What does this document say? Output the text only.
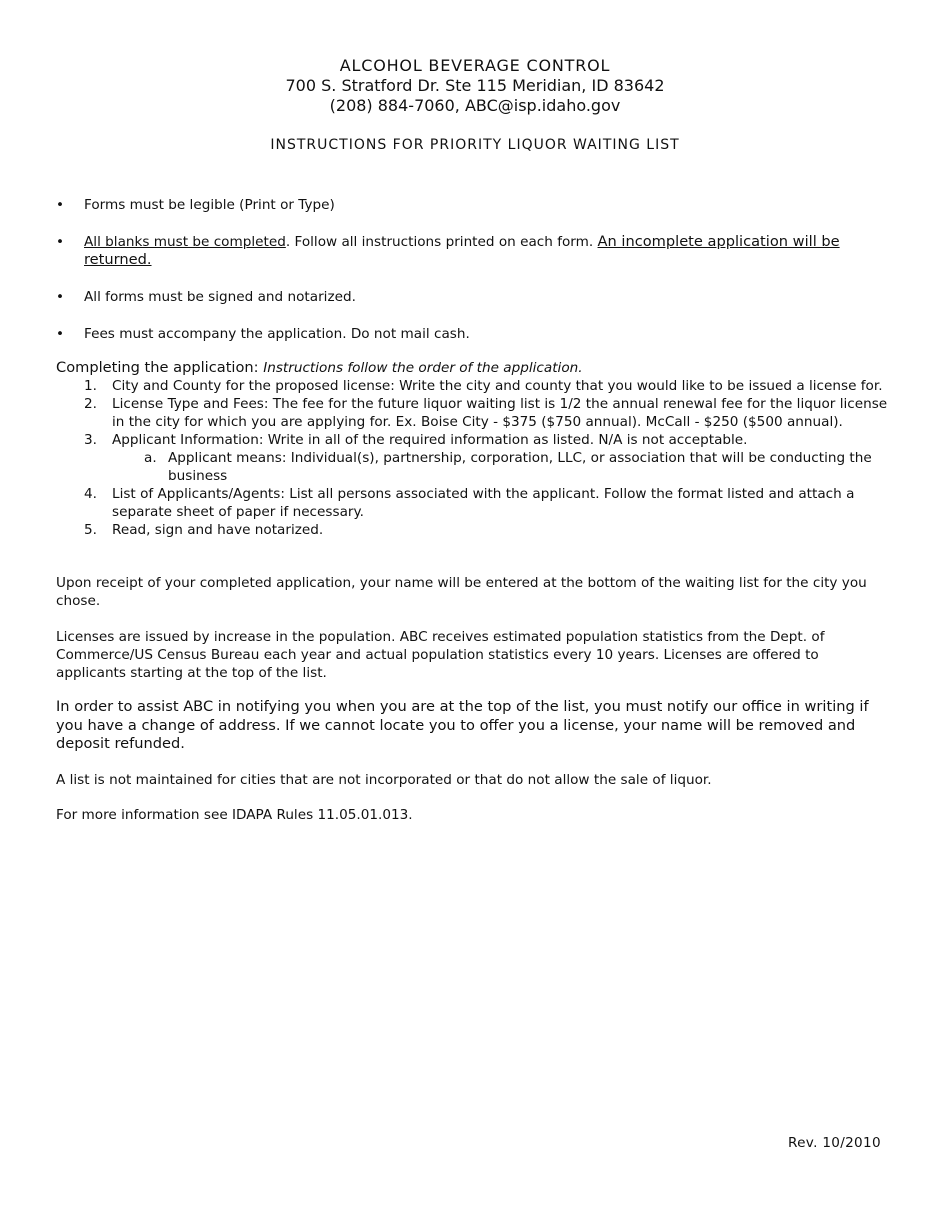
ALCOHOL BEVERAGE CONTROL
700 S. Stratford Dr. Ste 115 Meridian, ID 83642
(208) 884-7060, ABC@isp.idaho.gov
INSTRUCTIONS FOR PRIORITY LIQUOR WAITING LIST
• Forms must be legible (Print or Type)
• All blanks must be completed. Follow all instructions printed on each form. An incomplete application will be returned.
• All forms must be signed and notarized.
• Fees must accompany the application. Do not mail cash.
Completing the application: Instructions follow the order of the application.
1. City and County for the proposed license: Write the city and county that you would like to be issued a license for.
2. License Type and Fees: The fee for the future liquor waiting list is 1/2 the annual renewal fee for the liquor license in the city for which you are applying for. Ex. Boise City - $375 ($750 annual). McCall - $250 ($500 annual).
3. Applicant Information: Write in all of the required information as listed. N/A is not acceptable.
a. Applicant means: Individual(s), partnership, corporation, LLC, or association that will be conducting the business
4. List of Applicants/Agents: List all persons associated with the applicant. Follow the format listed and attach a separate sheet of paper if necessary.
5. Read, sign and have notarized.
Upon receipt of your completed application, your name will be entered at the bottom of the waiting list for the city you chose.
Licenses are issued by increase in the population. ABC receives estimated population statistics from the Dept. of Commerce/US Census Bureau each year and actual population statistics every 10 years. Licenses are offered to applicants starting at the top of the list.
In order to assist ABC in notifying you when you are at the top of the list, you must notify our office in writing if you have a change of address. If we cannot locate you to offer you a license, your name will be removed and deposit refunded.
A list is not maintained for cities that are not incorporated or that do not allow the sale of liquor.
For more information see IDAPA Rules 11.05.01.013.
Rev. 10/2010
